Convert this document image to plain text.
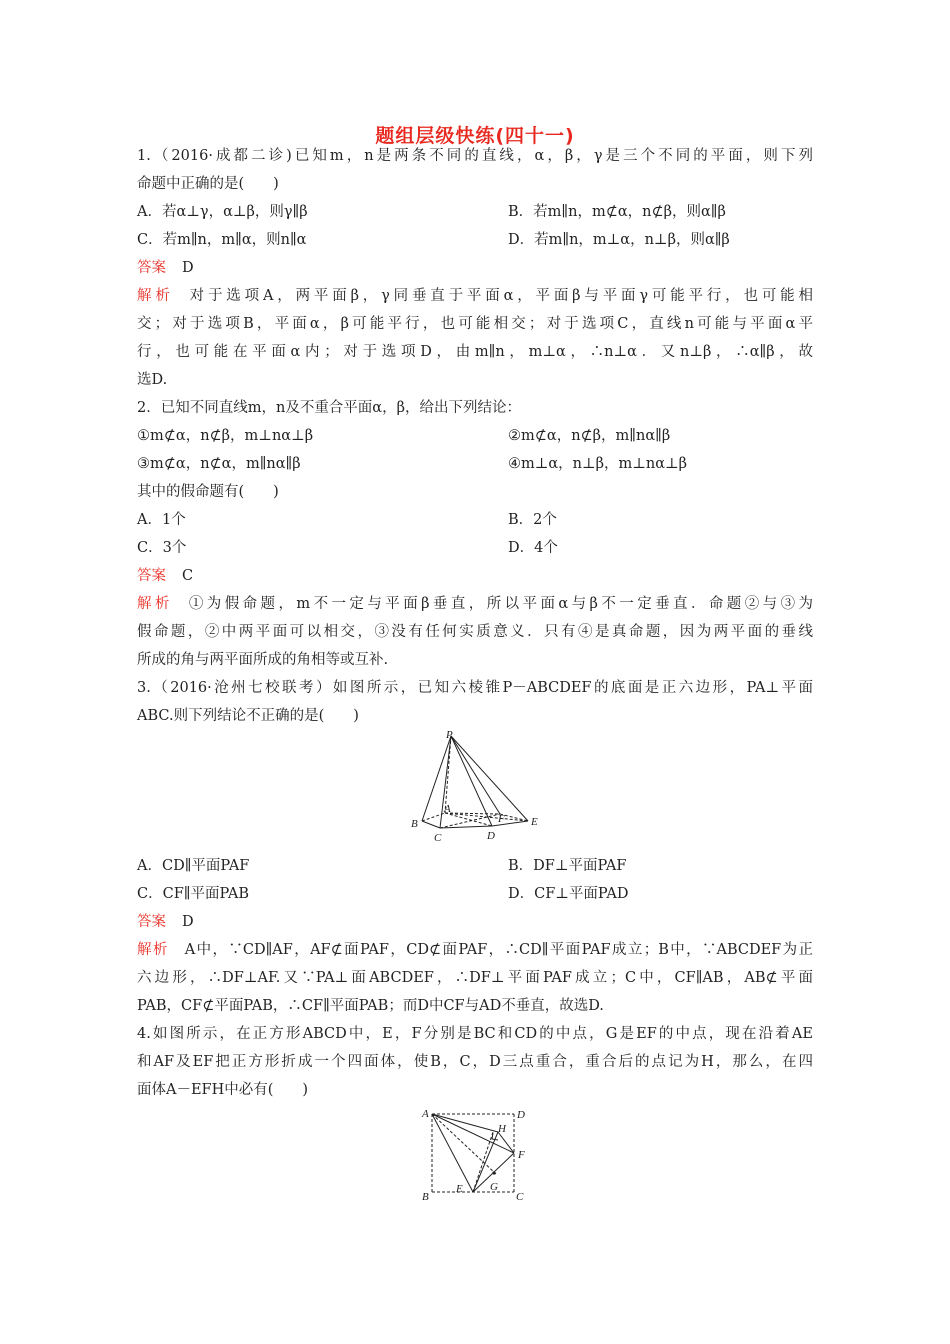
题组层级快练(四十一)
1.（2016·成都二诊)已知m，n是两条不同的直线，α，β，γ是三个不同的平面，则下列
命题中正确的是(　　)
A．若α⊥γ，α⊥β，则γ∥β	B．若m∥n，m⊄α，n⊄β，则α∥β
C．若m∥n，m∥α，则n∥α	D．若m∥n，m⊥α，n⊥β，则α∥β
答案 D
解析 对于选项A，两平面β，γ同垂直于平面α，平面β与平面γ可能平行，也可能相
交；对于选项B，平面α，β可能平行，也可能相交；对于选项C，直线n可能与平面α平
行，也可能在平面α内；对于选项D，由m∥n，m⊥α，∴n⊥α．又n⊥β，∴α∥β，故
选D.
2．已知不同直线m，n及不重合平面α，β，给出下列结论：
①m⊄α，n⊄β，m⊥nα⊥β	②m⊄α，n⊄β，m∥nα∥β
③m⊄α，n⊄α，m∥nα∥β	④m⊥α，n⊥β，m⊥nα⊥β
其中的假命题有(　　)
A．1个	B．2个
C．3个	D．4个
答案 C
解析 ①为假命题，m不一定与平面β垂直，所以平面α与β不一定垂直．命题②与③为
假命题，②中两平面可以相交，③没有任何实质意义．只有④是真命题，因为两平面的垂线
所成的角与两平面所成的角相等或互补.
3.（2016·沧州七校联考）如图所示，已知六棱锥P－ABCDEF的底面是正六边形，PA⊥平面
ABC.则下列结论不正确的是(　　)
P
A
B
C	D
E
F
A．CD∥平面PAF	B．DF⊥平面PAF
C．CF∥平面PAB	D．CF⊥平面PAD
答案 D
解析 A中，∵CD∥AF，AF⊄面PAF，CD⊄面PAF，∴CD∥平面PAF成立；B中，∵ABCDEF为正
六边形，∴DF⊥AF.又∵PA⊥面ABCDEF，∴DF⊥平面PAF成立；C中，CF∥AB，AB⊄平面
PAB，CF⊄平面PAB，∴CF∥平面PAB；而D中CF与AD不垂直，故选D.
4.如图所示，在正方形ABCD中，E，F分别是BC和CD的中点，G是EF的中点，现在沿着AE
和AF及EF把正方形折成一个四面体，使B，C，D三点重合，重合后的点记为H，那么，在四
面体A－EFH中必有(　　)
A	D
B	C
E
F
G
H
